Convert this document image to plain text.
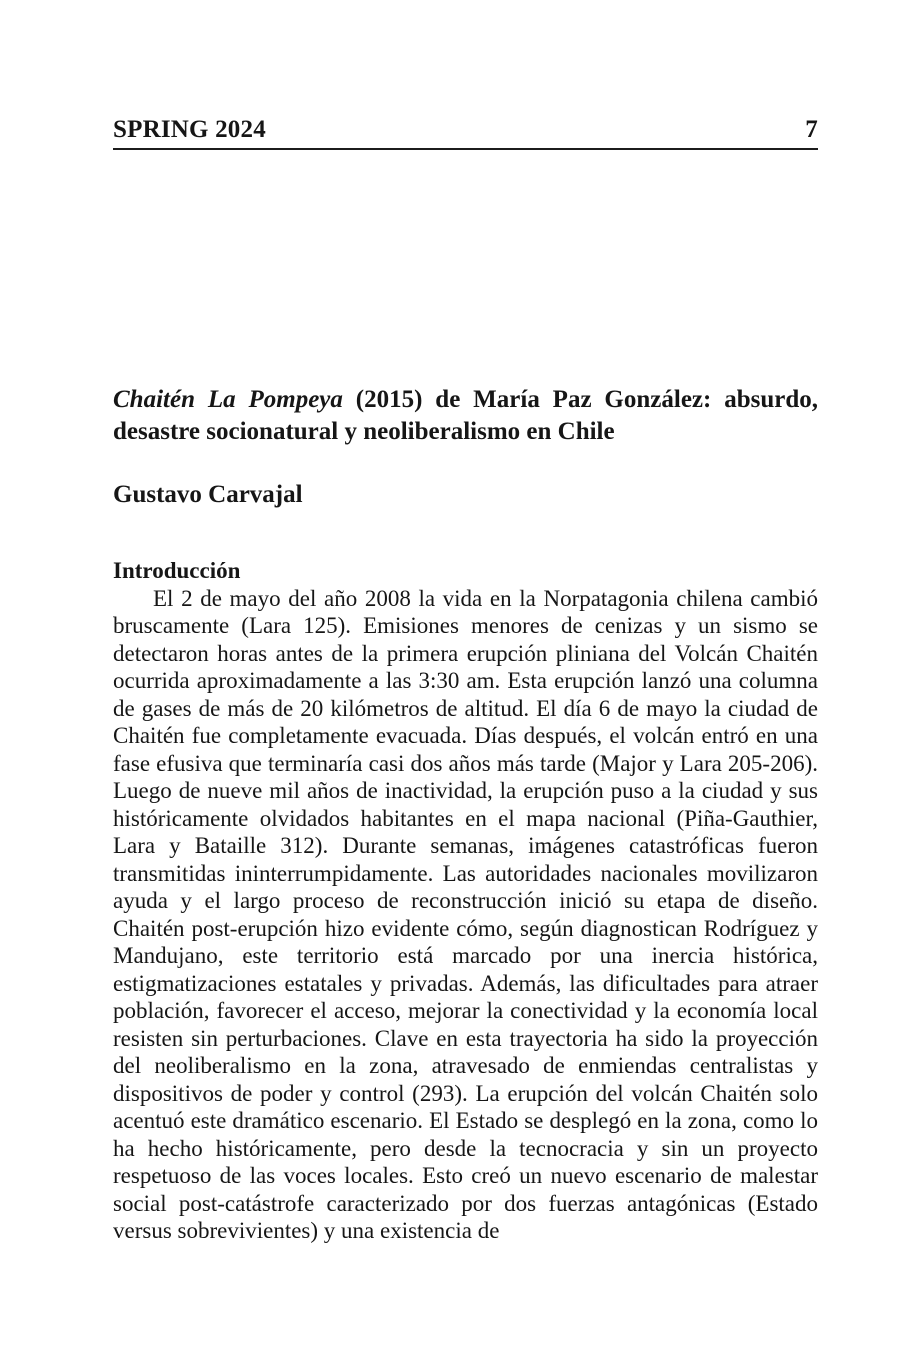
SPRING 2024	7
Chaitén La Pompeya (2015) de María Paz González: absurdo, desastre socionatural y neoliberalismo en Chile
Gustavo Carvajal
Introducción

El 2 de mayo del año 2008 la vida en la Norpatagonia chilena cambió bruscamente (Lara 125). Emisiones menores de cenizas y un sismo se detectaron horas antes de la primera erupción pliniana del Volcán Chaitén ocurrida aproximadamente a las 3:30 am. Esta erupción lanzó una columna de gases de más de 20 kilómetros de altitud. El día 6 de mayo la ciudad de Chaitén fue completamente evacuada. Días después, el volcán entró en una fase efusiva que terminaría casi dos años más tarde (Major y Lara 205-206). Luego de nueve mil años de inactividad, la erupción puso a la ciudad y sus históricamente olvidados habitantes en el mapa nacional (Piña-Gauthier, Lara y Bataille 312). Durante semanas, imágenes catastróficas fueron transmitidas ininterrumpidamente. Las autoridades nacionales movilizaron ayuda y el largo proceso de reconstrucción inició su etapa de diseño. Chaitén post-erupción hizo evidente cómo, según diagnostican Rodríguez y Mandujano, este territorio está marcado por una inercia histórica, estigmatizaciones estatales y privadas. Además, las dificultades para atraer población, favorecer el acceso, mejorar la conectividad y la economía local resisten sin perturbaciones. Clave en esta trayectoria ha sido la proyección del neoliberalismo en la zona, atravesado de enmiendas centralistas y dispositivos de poder y control (293). La erupción del volcán Chaitén solo acentuó este dramático escenario. El Estado se desplegó en la zona, como lo ha hecho históricamente, pero desde la tecnocracia y sin un proyecto respetuoso de las voces locales. Esto creó un nuevo escenario de malestar social post-catástrofe caracterizado por dos fuerzas antagónicas (Estado versus sobrevivientes) y una existencia de
